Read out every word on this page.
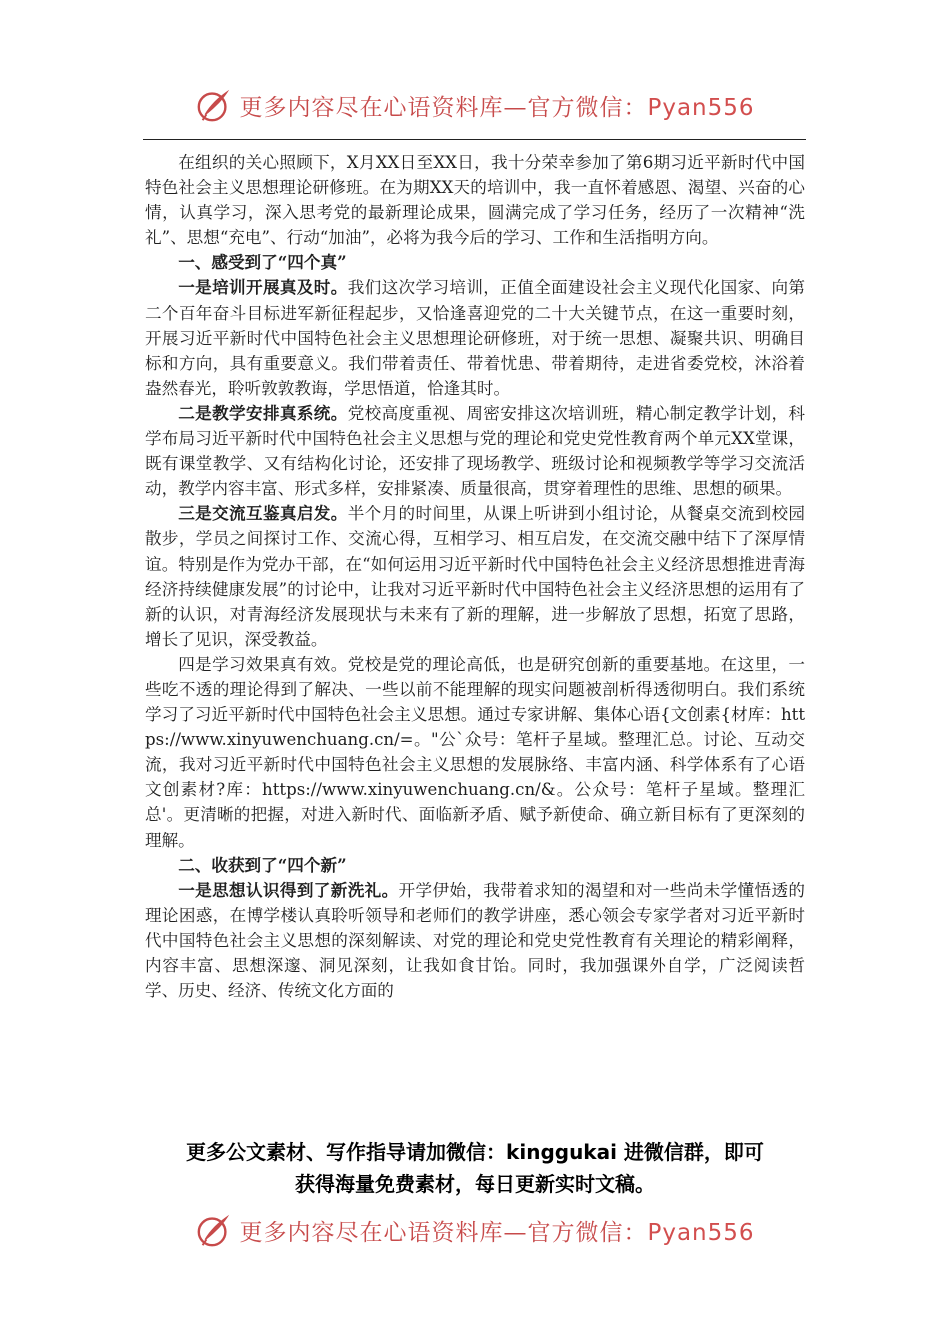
更多内容尽在心语资料库—官方微信：Pyan556

在组织的关心照顾下，X月XX日至XX日，我十分荣幸参加了第6期习近平新时代中国特色社会主义思想理论研修班。在为期XX天的培训中，我一直怀着感恩、渴望、兴奋的心情，认真学习，深入思考党的最新理论成果，圆满完成了学习任务，经历了一次精神“洗礼”、思想“充电”、行动“加油”，必将为我今后的学习、工作和生活指明方向。

一、感受到了“四个真”

一是培训开展真及时。我们这次学习培训，正值全面建设社会主义现代化国家、向第二个百年奋斗目标进军新征程起步，又恰逢喜迎党的二十大关键节点，在这一重要时刻，开展习近平新时代中国特色社会主义思想理论研修班，对于统一思想、凝聚共识、明确目标和方向，具有重要意义。我们带着责任、带着忧患、带着期待，走进省委党校，沐浴着盎然春光，聆听敦敦教诲，学思悟道，恰逢其时。

二是教学安排真系统。党校高度重视、周密安排这次培训班，精心制定教学计划，科学布局习近平新时代中国特色社会主义思想与党的理论和党史党性教育两个单元XX堂课，既有课堂教学、又有结构化讨论，还安排了现场教学、班级讨论和视频教学等学习交流活动，教学内容丰富、形式多样，安排紧凑、质量很高，贯穿着理性的思维、思想的硕果。

三是交流互鉴真启发。半个月的时间里，从课上听讲到小组讨论，从餐桌交流到校园散步，学员之间探讨工作、交流心得，互相学习、相互启发，在交流交融中结下了深厚情谊。特别是作为党办干部，在“如何运用习近平新时代中国特色社会主义经济思想推进青海经济持续健康发展”的讨论中，让我对习近平新时代中国特色社会主义经济思想的运用有了新的认识，对青海经济发展现状与未来有了新的理解，进一步解放了思想，拓宽了思路，增长了见识，深受教益。

四是学习效果真有效。党校是党的理论高低，也是研究创新的重要基地。在这里，一些吃不透的理论得到了解决、一些以前不能理解的现实问题被剖析得透彻明白。我们系统学习了习近平新时代中国特色社会主义思想。通过专家讲解、集体心语{文创素{材库：https://www.xinyuwenchuang.cn/=。"公`众号：笔杆子星域。整理汇总。讨论、互动交流，我对习近平新时代中国特色社会主义思想的发展脉络、丰富内涵、科学体系有了心语文创素材?库：https://www.xinyuwenchuang.cn/&。公众号：笔杆子星域。整理汇总'。更清晰的把握，对进入新时代、面临新矛盾、赋予新使命、确立新目标有了更深刻的理解。

二、收获到了“四个新”

一是思想认识得到了新洗礼。开学伊始，我带着求知的渴望和对一些尚未学懂悟透的理论困惑，在博学楼认真聆听领导和老师们的教学讲座，悉心领会专家学者对习近平新时代中国特色社会主义思想的深刻解读、对党的理论和党史党性教育有关理论的精彩阐释，内容丰富、思想深邃、洞见深刻，让我如食甘饴。同时，我加强课外自学，广泛阅读哲学、历史、经济、传统文化方面的

更多公文素材、写作指导请加微信：kinggukai 进微信群，即可
获得海量免费素材，每日更新实时文稿。
更多内容尽在心语资料库—官方微信：Pyan556
